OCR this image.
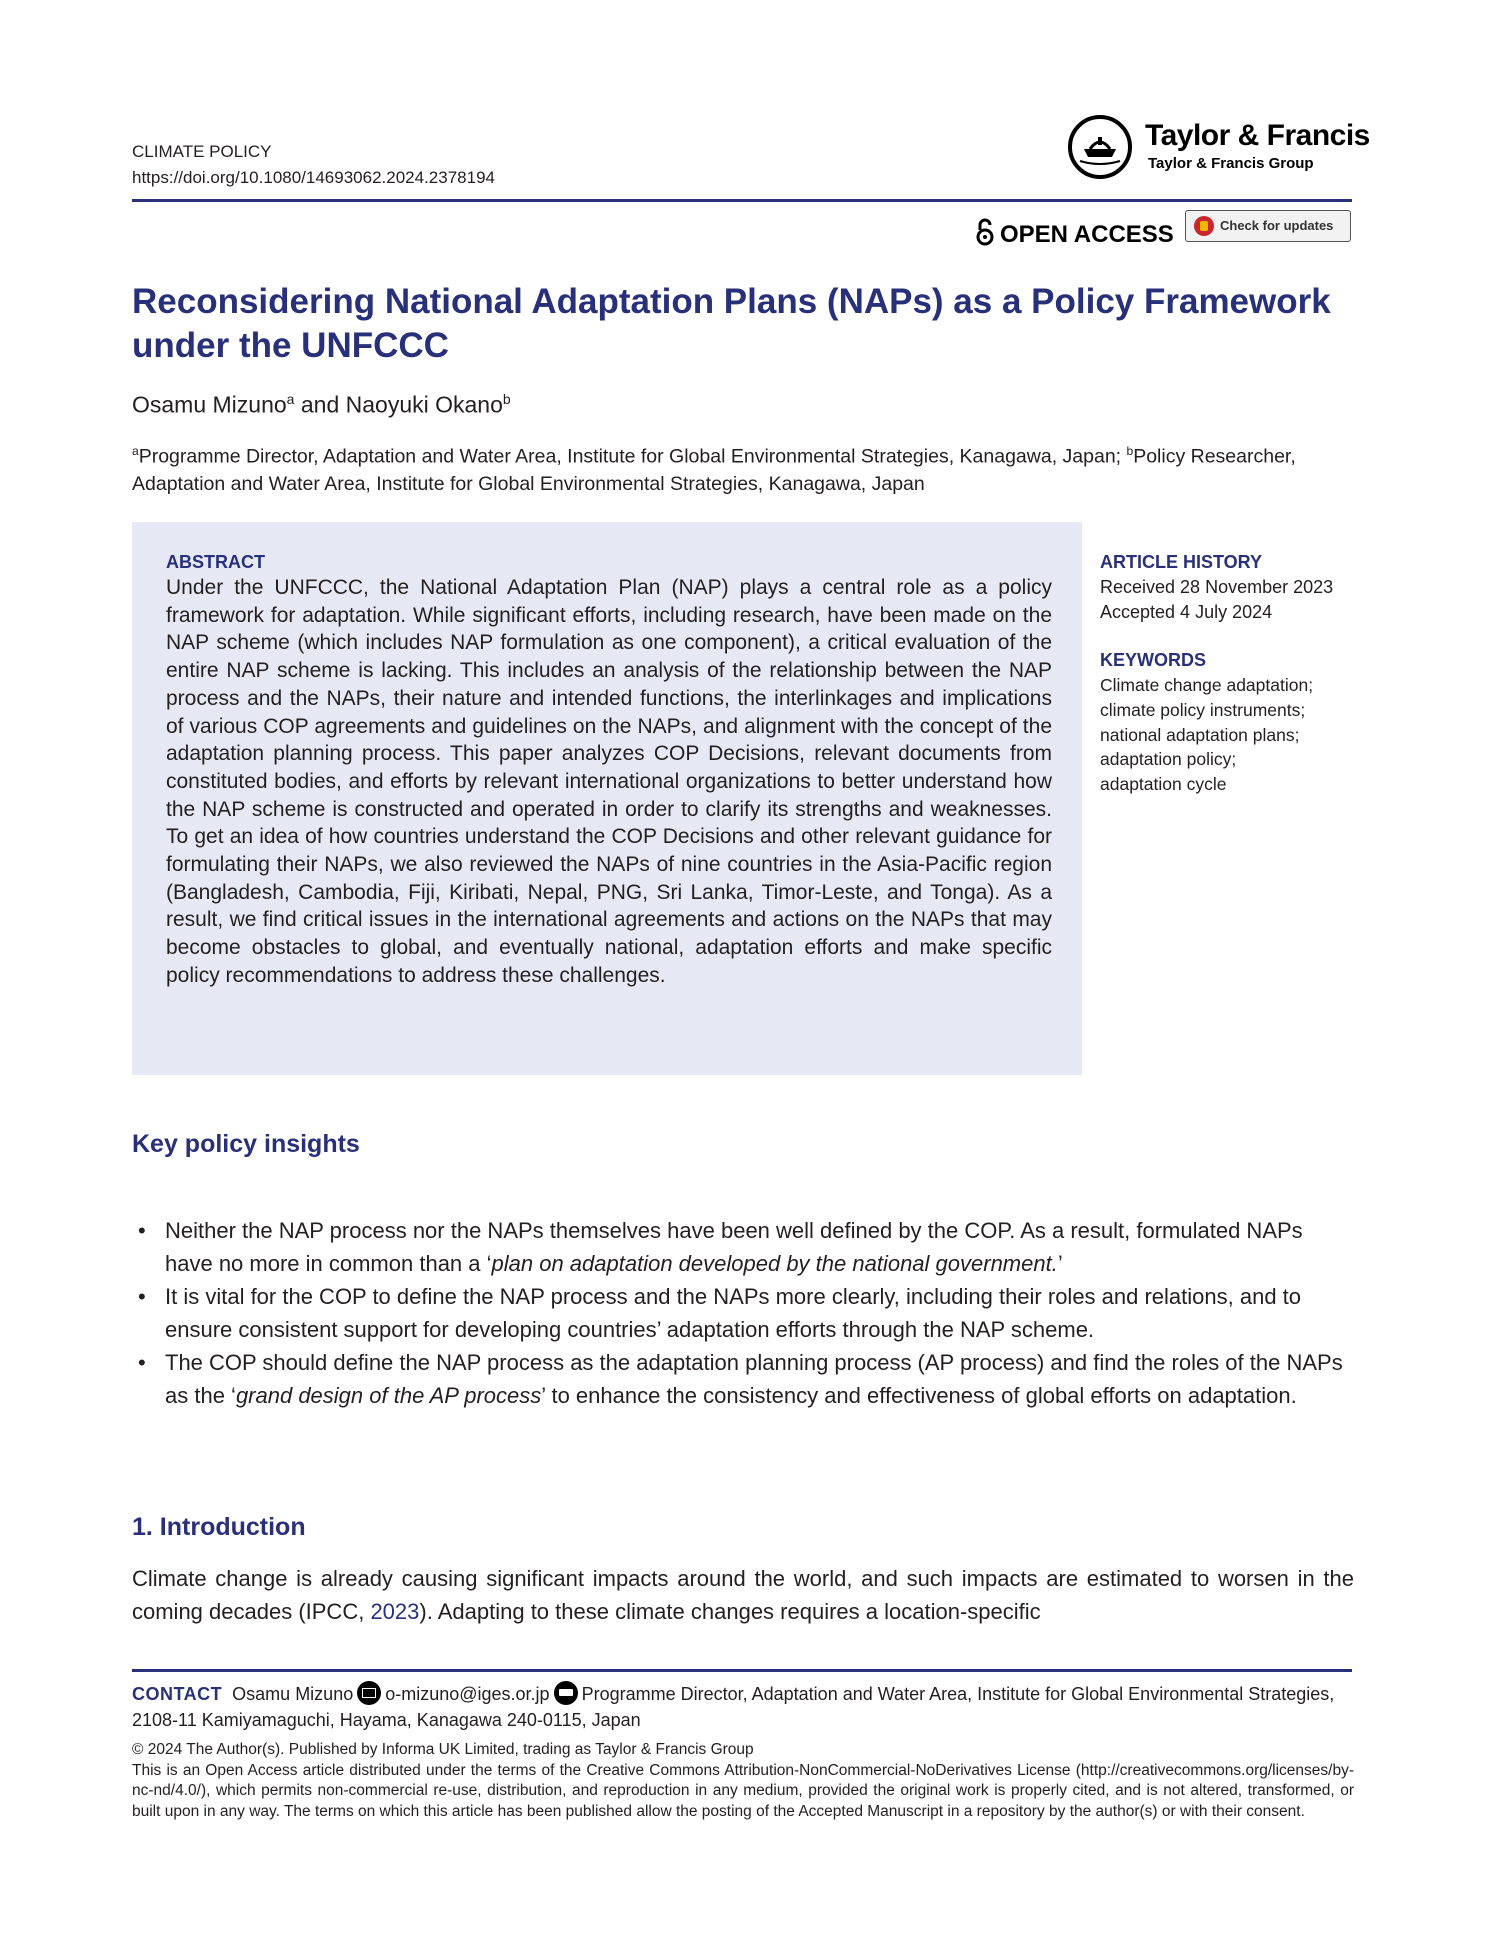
CLIMATE POLICY
https://doi.org/10.1080/14693062.2024.2378194
Taylor & Francis
Taylor & Francis Group
OPEN ACCESS	Check for updates
Reconsidering National Adaptation Plans (NAPs) as a Policy Framework under the UNFCCC
Osamu Mizuno$^a$ and Naoyuki Okano$^b$
$^a$Programme Director, Adaptation and Water Area, Institute for Global Environmental Strategies, Kanagawa, Japan; $^b$Policy Researcher, Adaptation and Water Area, Institute for Global Environmental Strategies, Kanagawa, Japan
ABSTRACT
Under the UNFCCC, the National Adaptation Plan (NAP) plays a central role as a policy framework for adaptation. While significant efforts, including research, have been made on the NAP scheme (which includes NAP formulation as one component), a critical evaluation of the entire NAP scheme is lacking. This includes an analysis of the relationship between the NAP process and the NAPs, their nature and intended functions, the interlinkages and implications of various COP agreements and guidelines on the NAPs, and alignment with the concept of the adaptation planning process. This paper analyzes COP Decisions, relevant documents from constituted bodies, and efforts by relevant international organizations to better understand how the NAP scheme is constructed and operated in order to clarify its strengths and weaknesses. To get an idea of how countries understand the COP Decisions and other relevant guidance for formulating their NAPs, we also reviewed the NAPs of nine countries in the Asia-Pacific region (Bangladesh, Cambodia, Fiji, Kiribati, Nepal, PNG, Sri Lanka, Timor-Leste, and Tonga). As a result, we find critical issues in the international agreements and actions on the NAPs that may become obstacles to global, and eventually national, adaptation efforts and make specific policy recommendations to address these challenges.
ARTICLE HISTORY
Received 28 November 2023
Accepted 4 July 2024
KEYWORDS
Climate change adaptation;
climate policy instruments;
national adaptation plans;
adaptation policy;
adaptation cycle
Key policy insights
• Neither the NAP process nor the NAPs themselves have been well defined by the COP. As a result, formulated NAPs have no more in common than a ‘plan on adaptation developed by the national government.’
• It is vital for the COP to define the NAP process and the NAPs more clearly, including their roles and relations, and to ensure consistent support for developing countries’ adaptation efforts through the NAP scheme.
• The COP should define the NAP process as the adaptation planning process (AP process) and find the roles of the NAPs as the ‘grand design of the AP process’ to enhance the consistency and effectiveness of global efforts on adaptation.
1. Introduction
Climate change is already causing significant impacts around the world, and such impacts are estimated to worsen in the coming decades (IPCC, 2023). Adapting to these climate changes requires a location-specific
CONTACT Osamu Mizuno o-mizuno@iges.or.jp Programme Director, Adaptation and Water Area, Institute for Global Environmental Strategies, 2108-11 Kamiyamaguchi, Hayama, Kanagawa 240-0115, Japan
© 2024 The Author(s). Published by Informa UK Limited, trading as Taylor & Francis Group
This is an Open Access article distributed under the terms of the Creative Commons Attribution-NonCommercial-NoDerivatives License (http://creativecommons.org/licenses/by-nc-nd/4.0/), which permits non-commercial re-use, distribution, and reproduction in any medium, provided the original work is properly cited, and is not altered, transformed, or built upon in any way. The terms on which this article has been published allow the posting of the Accepted Manuscript in a repository by the author(s) or with their consent.
